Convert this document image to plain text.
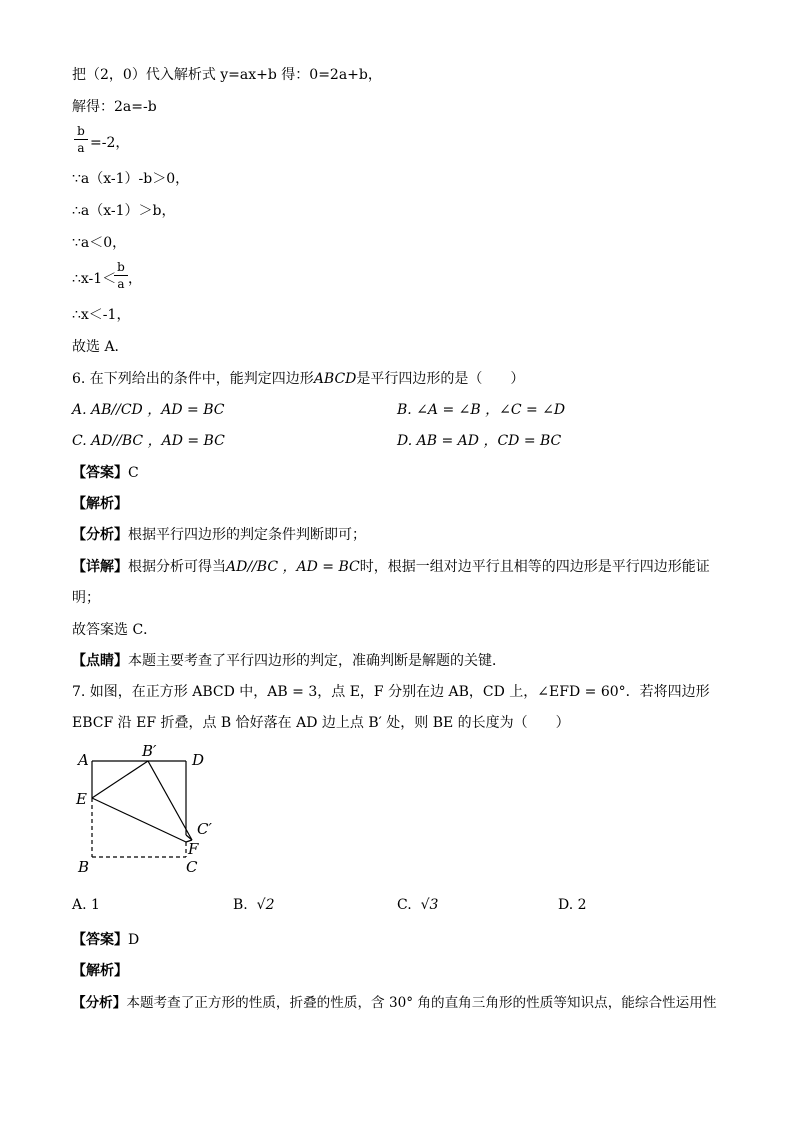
把（2，0）代入解析式 y=ax+b 得：0=2a+b，
解得：2a=-b
b
a =-2，
∵a（x-1）-b＞0，
∴a（x-1）＞b，
∵a＜0，
∴x-1＜
b
a ，
∴x＜-1，
故选 A．
6. 在下列给出的条件中，能判定四边形ABCD是平行四边形的是（　　）
A. AB//CD ，AD = BC	B. ∠A = ∠B ，∠C = ∠D
C. AD//BC ，AD = BC	D. AB = AD ，CD = BC
【答案】C
【解析】
【分析】根据平行四边形的判定条件判断即可；
【详解】根据分析可得当AD//BC ，AD = BC时，根据一组对边平行且相等的四边形是平行四边形能证
明；
故答案选 C．
【点睛】本题主要考查了平行四边形的判定，准确判断是解题的关键．
7. 如图，在正方形 ABCD 中，AB = 3，点 E，F 分别在边 AB，CD 上，∠EFD = 60°．若将四边形
EBCF 沿 EF 折叠，点 B 恰好落在 AD 边上点 B′ 处，则 BE 的长度为（　　）
A	B′ D
E
C′
F
B	C
A. 1	B. √2	C. √3	D. 2
【答案】D
【解析】
【分析】本题考查了正方形的性质，折叠的性质，含 30° 角的直角三角形的性质等知识点，能综合性运用性
